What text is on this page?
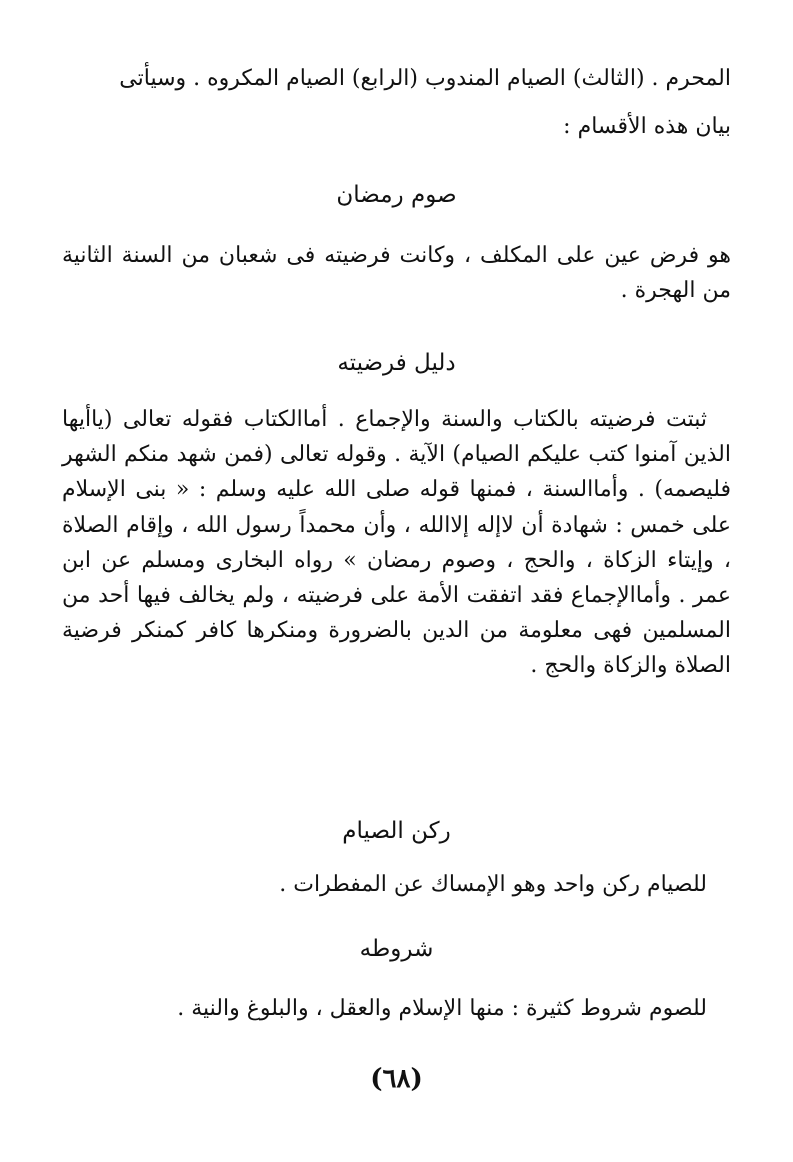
المحرم . (الثالث) الصيام المندوب (الرابع) الصيام المكروه . وسيأتى
بيان هذه الأقسام :
صوم رمضان
هو فرض عين على المكلف ، وكانت فرضيته فى شعبان من السنة الثانية من الهجرة .
دليل فرضيته
ثبتت فرضيته بالكتاب والسنة والإجماع . أماالكتاب فقوله تعالى (ياأيها الذين آمنوا كتب عليكم الصيام) الآية . وقوله تعالى (فمن شهد منكم الشهر فليصمه) . وأماالسنة ، فمنها قوله صلى الله عليه وسلم : « بنى الإسلام على خمس : شهادة أن لاإله إلاالله ، وأن محمداً رسول الله ، وإقام الصلاة ، وإيتاء الزكاة ، والحج ، وصوم رمضان » رواه البخارى ومسلم عن ابن عمر . وأماالإجماع فقد اتفقت الأمة على فرضيته ، ولم يخالف فيها أحد من المسلمين فهى معلومة من الدين بالضرورة ومنكرها كافر كمنكر فرضية الصلاة والزكاة والحج .
ركن الصيام
للصيام ركن واحد وهو الإمساك عن المفطرات .
شروطه
للصوم شروط كثيرة : منها الإسلام والعقل ، والبلوغ والنية .
(٦٨)
